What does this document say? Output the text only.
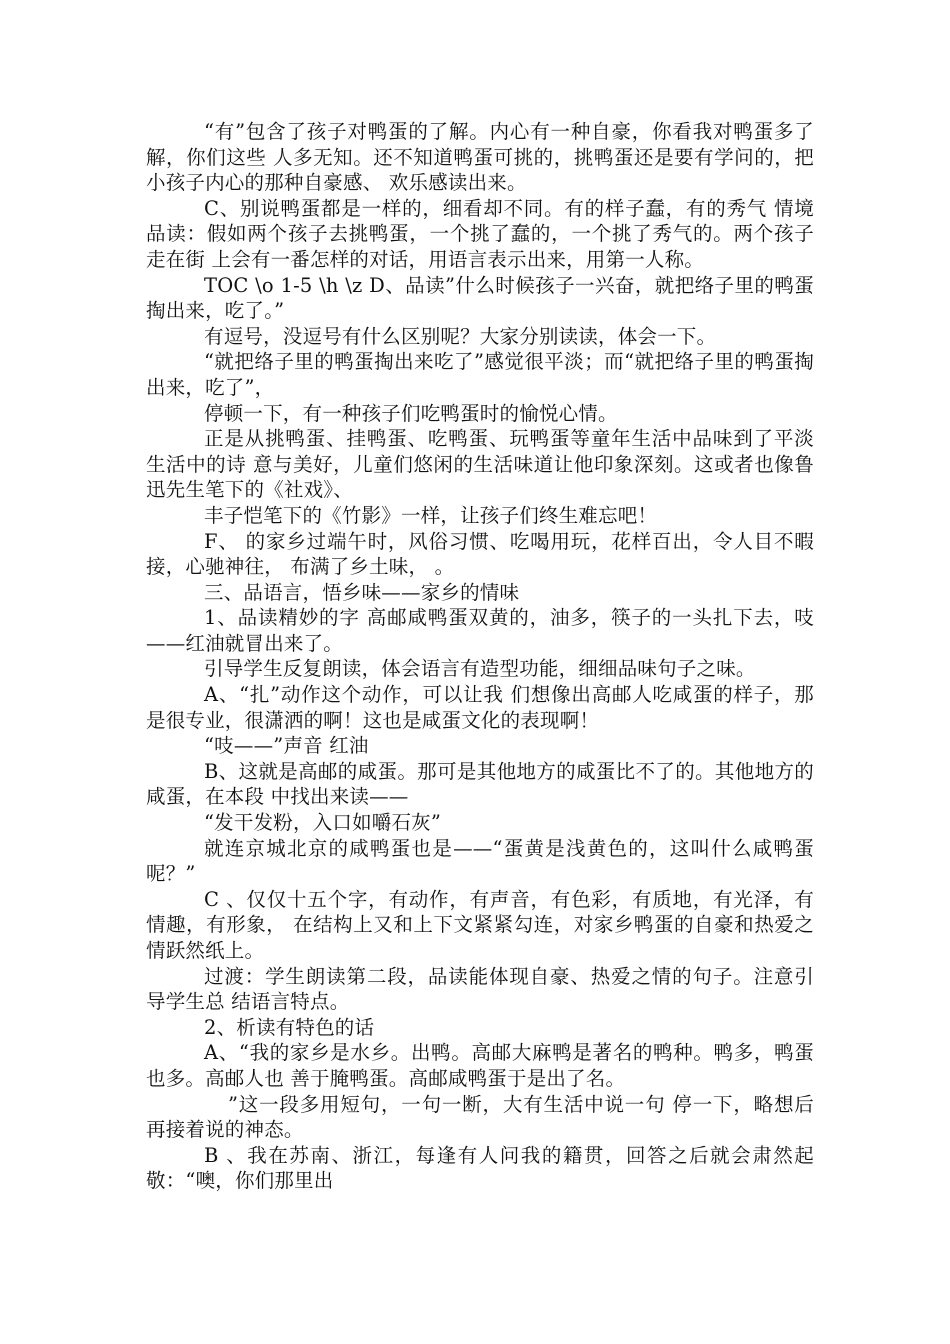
“有”包含了孩子对鸭蛋的了解。内心有一种自豪，你看我对鸭蛋多了解，你们这些 人多无知。还不知道鸭蛋可挑的，挑鸭蛋还是要有学问的，把小孩子内心的那种自豪感、 欢乐感读出来。

C、别说鸭蛋都是一样的，细看却不同。有的样子蠢，有的秀气 情境品读：假如两个孩子去挑鸭蛋，一个挑了蠢的，一个挑了秀气的。两个孩子走在街 上会有一番怎样的对话，用语言表示出来，用第一人称。

TOC \o 1-5 \h \z D、品读”什么时候孩子一兴奋，就把络子里的鸭蛋掏出来，吃了。”

有逗号，没逗号有什么区别呢？大家分别读读，体会一下。

“就把络子里的鸭蛋掏出来吃了”感觉很平淡；而“就把络子里的鸭蛋掏出来，吃了”，

停顿一下，有一种孩子们吃鸭蛋时的愉悦心情。

正是从挑鸭蛋、挂鸭蛋、吃鸭蛋、玩鸭蛋等童年生活中品味到了平淡生活中的诗 意与美好，儿童们悠闲的生活味道让他印象深刻。这或者也像鲁迅先生笔下的《社戏》、

丰子恺笔下的《竹影》一样，让孩子们终生难忘吧！

F、 的家乡过端午时，风俗习惯、吃喝用玩，花样百出，令人目不暇接，心驰神往， 布满了乡土味， 。

三、品语言，悟乡味——家乡的情味

1、品读精妙的字 高邮咸鸭蛋双黄的，油多，筷子的一头扎下去，吱——红油就冒出来了。

引导学生反复朗读，体会语言有造型功能，细细品味句子之味。

A、“扎”动作这个动作，可以让我 们想像出高邮人吃咸蛋的样子，那是很专业，很潇洒的啊！这也是咸蛋文化的表现啊！

“吱——”声音 红油

B、这就是高邮的咸蛋。那可是其他地方的咸蛋比不了的。其他地方的咸蛋，在本段 中找出来读——

“发干发粉，入口如嚼石灰”

就连京城北京的咸鸭蛋也是——“蛋黄是浅黄色的，这叫什么咸鸭蛋呢？”

C 、仅仅十五个字，有动作，有声音，有色彩，有质地，有光泽，有情趣，有形象， 在结构上又和上下文紧紧勾连，对家乡鸭蛋的自豪和热爱之情跃然纸上。

过渡：学生朗读第二段，品读能体现自豪、热爱之情的句子。注意引导学生总 结语言特点。

2、析读有特色的话

A、“我的家乡是水乡。出鸭。高邮大麻鸭是著名的鸭种。鸭多，鸭蛋也多。高邮人也 善于腌鸭蛋。高邮咸鸭蛋于是出了名。

”这一段多用短句，一句一断，大有生活中说一句 停一下，略想后再接着说的神态。

B 、我在苏南、浙江，每逢有人问我的籍贯，回答之后就会肃然起敬：“噢，你们那里出
